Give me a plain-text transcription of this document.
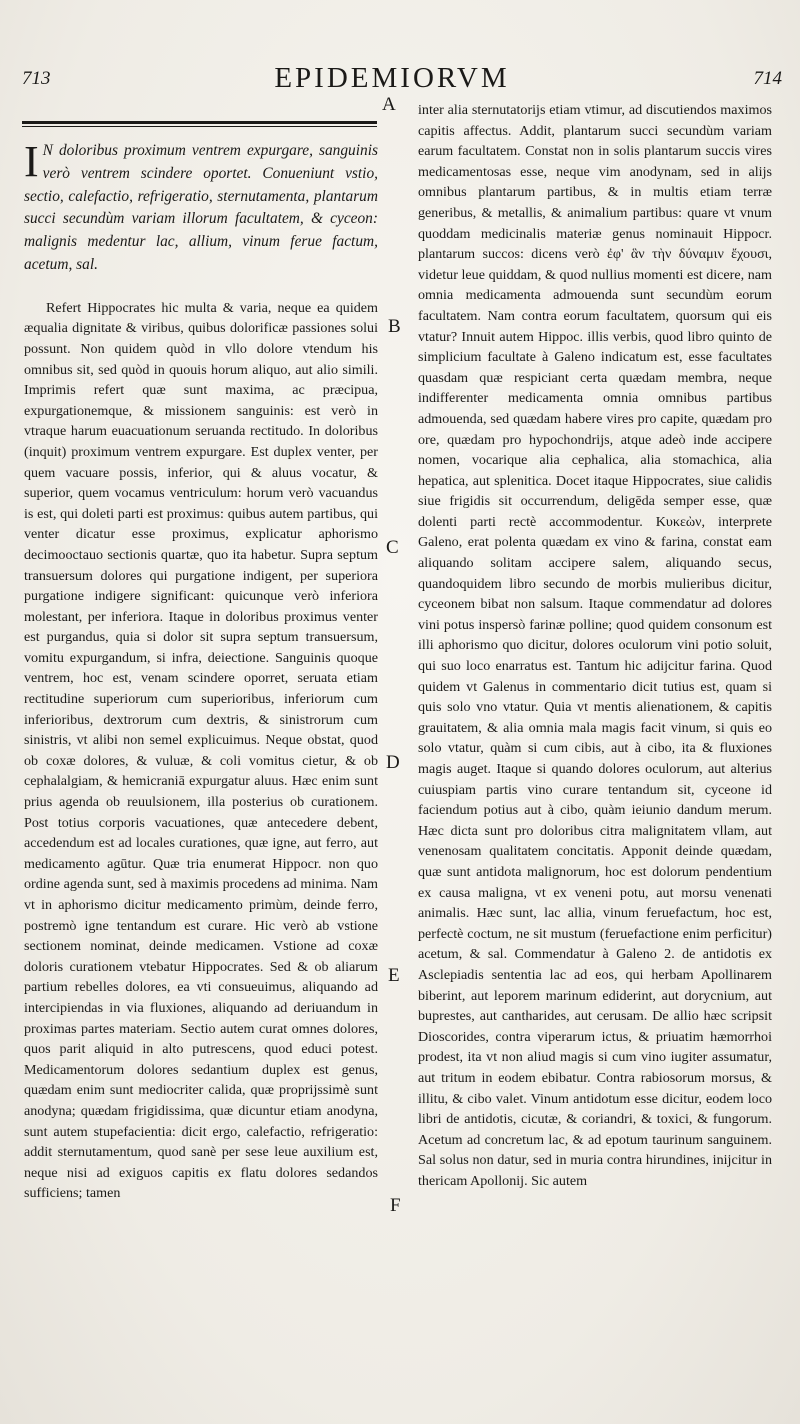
713	EPIDEMIORVM	714

I N doloribus proximum ventrem expurgare, sanguinis verò ventrem scindere oportet. Conueniunt vstio, sectio, calefactio, refrigeratio, sternutamenta, plantarum succi secundùm variam illorum facultatem, & cyceon: malignis medentur lac, allium, vinum ferue factum, acetum, sal.

Refert Hippocrates hic multa & varia, neque ea quidem æqualia dignitate & viribus, quibus dolorificæ passiones solui possunt. Non quidem quòd in vllo dolore vtendum his omnibus sit, sed quòd in quouis horum aliquo, aut alio simili. Imprimis refert quæ sunt maxima, ac præcipua, expurgationemque, & missionem sanguinis: est verò in vtraque harum euacuationum seruanda rectitudo. In doloribus (inquit) proximum ventrem expurgare. Est duplex venter, per quem vacuare possis, inferior, qui & aluus vocatur, & superior, quem vocamus ventriculum: horum verò vacuandus is est, qui doleti parti est proximus: quibus autem partibus, qui venter dicatur esse proximus, explicatur aphorismo decimooctauo sectionis quartæ, quo ita habetur. Supra septum transuersum dolores qui purgatione indigent, per superiora purgatione indigere significant: quicunque verò inferiora molestant, per inferiora. Itaque in doloribus proximus venter est purgandus, quia si dolor sit supra septum transuersum, vomitu expurgandum, si infra, deiectione. Sanguinis quoque ventrem, hoc est, venam scindere oporret, seruata etiam rectitudine superiorum cum superioribus, inferiorum cum inferioribus, dextrorum cum dextris, & sinistrorum cum sinistris, vt alibi non semel explicuimus. Neque obstat, quod ob coxæ dolores, & vuluæ, & coli vomitus cietur, & ob cephalalgiam, & hemicraniā expurgatur aluus. Hæc enim sunt prius agenda ob reuulsionem, illa posterius ob curationem. Post totius corporis vacuationes, quæ antecedere debent, accedendum est ad locales curationes, quæ igne, aut ferro, aut medicamento agūtur. Quæ tria enumerat Hippocr. non quo ordine agenda sunt, sed à maximis procedens ad minima. Nam vt in aphorismo dicitur medicamento primùm, deinde ferro, postremò igne tentandum est curare. Hic verò ab vstione sectionem nominat, deinde medicamen. Vstione ad coxæ doloris curationem vtebatur Hippocrates. Sed & ob aliarum partium rebelles dolores, ea vti consueuimus, aliquando ad intercipiendas in via fluxiones, aliquando ad deriuandum in proximas partes materiam. Sectio autem curat omnes dolores, quos parit aliquid in alto putrescens, quod educi potest. Medicamentorum dolores sedantium duplex est genus, quædam enim sunt mediocriter calida, quæ proprijssimè sunt anodyna; quædam frigidissima, quæ dicuntur etiam anodyna, sunt autem stupefacientia: dicit ergo, calefactio, refrigeratio: addit sternutamentum, quod sanè per sese leue auxilium est, neque nisi ad exiguos capitis ex flatu dolores sedandos sufficiens; tamen

inter alia sternutatorijs etiam vtimur, ad discutiendos maximos capitis affectus. Addit, plantarum succi secundùm variam earum facultatem. Constat non in solis plantarum succis vires medicamentosas esse, neque vim anodynam, sed in alijs omnibus plantarum partibus, & in multis etiam terræ generibus, & metallis, & animalium partibus: quare vt vnum quoddam medicinalis materiæ genus nominauit Hippocr. plantarum succos: dicens verò ἐφ' ἃν τὴν δύναμιν ἔχουσι, videtur leue quiddam, & quod nullius momenti est dicere, nam omnia medicamenta admouenda sunt secundùm eorum facultatem. Nam contra eorum facultatem, quorsum qui eis vtatur? Innuit autem Hippoc. illis verbis, quod libro quinto de simplicium facultate à Galeno indicatum est, esse facultates quasdam quæ respiciant certa quædam membra, neque indifferenter medicamenta omnia omnibus partibus admouenda, sed quædam habere vires pro capite, quædam pro ore, quædam pro hypochondrijs, atque adeò inde accipere nomen, vocarique alia cephalica, alia stomachica, alia hepatica, aut splenitica. Docet itaque Hippocrates, siue calidis siue frigidis sit occurrendum, deligēda semper esse, quæ dolenti parti rectè accommodentur. Κυκεὼν, interprete Galeno, erat polenta quædam ex vino & farina, constat eam aliquando solitam accipere salem, aliquando secus, quandoquidem libro secundo de morbis mulieribus dicitur, cyceonem bibat non salsum. Itaque commendatur ad dolores vini potus inspersò farinæ polline; quod quidem consonum est illi aphorismo quo dicitur, dolores oculorum vini potio soluit, qui suo loco enarratus est. Tantum hic adijcitur farina. Quod quidem vt Galenus in commentario dicit tutius est, quam si quis solo vno vtatur. Quia vt mentis alienationem, & capitis grauitatem, & alia omnia mala magis facit vinum, si quis eo solo vtatur, quàm si cum cibis, aut à cibo, ita & fluxiones magis auget. Itaque si quando dolores oculorum, aut alterius cuiuspiam partis vino curare tentandum sit, cyceone id faciendum potius aut à cibo, quàm ieiunio dandum merum. Hæc dicta sunt pro doloribus citra malignitatem vllam, aut venenosam qualitatem concitatis. Apponit deinde quædam, quæ sunt antidota malignorum, hoc est dolorum pendentium ex causa maligna, vt ex veneni potu, aut morsu venenati animalis. Hæc sunt, lac allia, vinum feruefactum, hoc est, perfectè coctum, ne sit mustum (feruefactione enim perficitur) acetum, & sal. Commendatur à Galeno 2. de antidotis ex Asclepiadis sententia lac ad eos, qui herbam Apollinarem biberint, aut leporem marinum ediderint, aut dorycnium, aut buprestes, aut cantharides, aut cerusam. De allio hæc scripsit Dioscorides, contra viperarum ictus, & priuatim hæmorrhoi prodest, ita vt non aliud magis si cum vino iugiter assumatur, aut tritum in eodem ebibatur. Contra rabiosorum morsus, & illitu, & cibo valet. Vinum antidotum esse dicitur, eodem loco libri de antidotis, cicutæ, & coriandri, & toxici, & fungorum. Acetum ad concretum lac, & ad epotum taurinum sanguinem. Sal solus non datur, sed in muria contra hirundines, inijcitur in thericam Apollonij. Sic autem

A
B
C
D
E
F
